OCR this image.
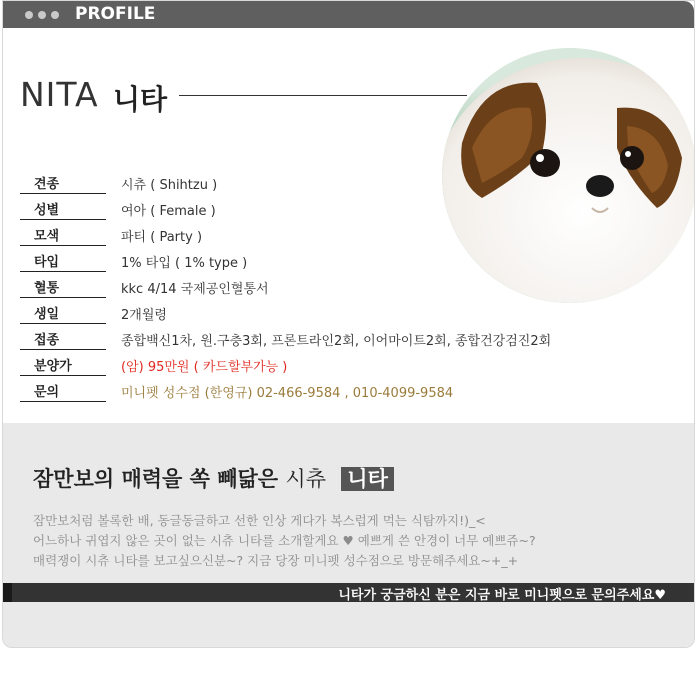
PROFILE
NITA 니타
견종	시츄 ( Shihtzu )
성별	여아 ( Female )
모색	파티 ( Party )
타입	1% 타입 ( 1% type )
혈통	kkc 4/14 국제공인혈통서
생일	2개월령
접종	종합백신1차, 원.구충3회, 프론트라인2회, 이어마이트2회, 종합건강검진2회
분양가	(암) 95만원 ( 카드할부가능 )
문의	미니펫 성수점 (한영규) 02-466-9584 , 010-4099-9584
잠만보의 매력을 쏙 빼닮은 시츄 니타
잠만보처럼 볼록한 배, 동글동글하고 선한 인상 게다가 복스럽게 먹는 식탐까지!)_<
어느하나 귀엽지 않은 곳이 없는 시츄 니타를 소개할게요 ♥ 예쁘게 쓴 안경이 너무 예쁘쥬~?
매력쟁이 시츄 니타를 보고싶으신분~? 지금 당장 미니펫 성수점으로 방문해주세요~+_+
니타가 궁금하신 분은 지금 바로 미니펫으로 문의주세요♥
